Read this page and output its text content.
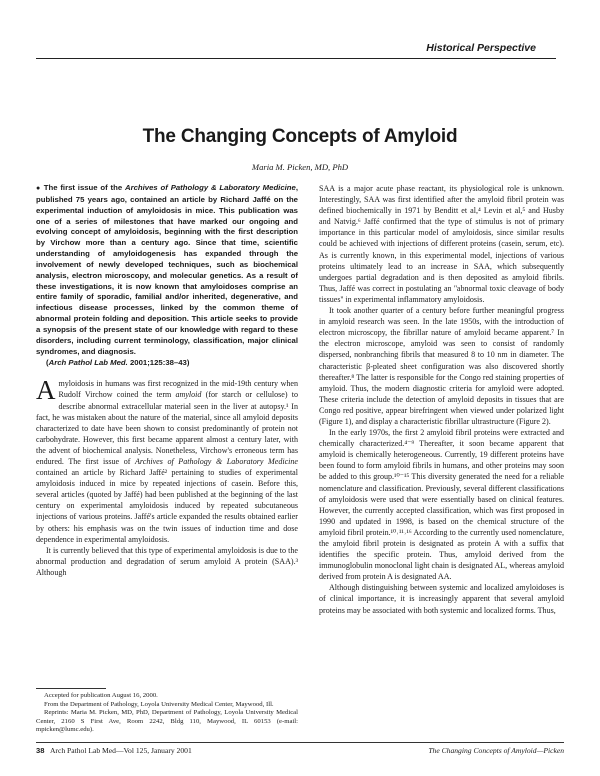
Historical Perspective
The Changing Concepts of Amyloid
Maria M. Picken, MD, PhD
● The first issue of the Archives of Pathology & Laboratory Medicine, published 75 years ago, contained an article by Richard Jaffé on the experimental induction of amyloidosis in mice. This publication was one of a series of milestones that have marked our ongoing and evolving concept of amyloidosis, beginning with the first description by Virchow more than a century ago. Since that time, scientific understanding of amyloidogenesis has expanded through the involvement of newly developed techniques, such as biochemical analysis, electron microscopy, and molecular genetics. As a result of these investigations, it is now known that amyloidoses comprise an entire family of sporadic, familial and/or inherited, degenerative, and infectious disease processes, linked by the common theme of abnormal protein folding and deposition. This article seeks to provide a synopsis of the present state of our knowledge with regard to these disorders, including current terminology, classification, major clinical syndromes, and diagnosis.
(Arch Pathol Lab Med. 2001;125:38–43)

Amyloidosis in humans was first recognized in the mid-19th century when Rudolf Virchow coined the term amyloid (for starch or cellulose) to describe abnormal extracellular material seen in the liver at autopsy.¹ In fact, he was mistaken about the nature of the material, since all amyloid deposits characterized to date have been shown to consist predominantly of protein not carbohydrate. However, this first became apparent almost a century later, with the advent of biochemical analysis. Nonetheless, Virchow's erroneous term has endured. The first issue of Archives of Pathology & Laboratory Medicine contained an article by Richard Jaffé² pertaining to studies of experimental amyloidosis induced in mice by repeated injections of casein. Before this, several articles (quoted by Jaffé) had been published at the beginning of the last century on experimental amyloidosis induced by repeated subcutaneous injections of various proteins. Jaffé's article expanded the results obtained earlier by others: his emphasis was on the twin issues of induction time and dose dependence in experimental amyloidosis.

It is currently believed that this type of experimental amyloidosis is due to the abnormal production and degradation of serum amyloid A protein (SAA).³ Although

Accepted for publication August 16, 2000.
From the Department of Pathology, Loyola University Medical Center, Maywood, Ill.
Reprints: Maria M. Picken, MD, PhD, Department of Pathology, Loyola University Medical Center, 2160 S First Ave, Room 2242, Bldg 110, Maywood, IL 60153 (e-mail: mpicken@lumc.edu).

SAA is a major acute phase reactant, its physiological role is unknown. Interestingly, SAA was first identified after the amyloid fibril protein was defined biochemically in 1971 by Benditt et al,⁴ Levin et al,⁵ and Husby and Natvig.⁶ Jaffé confirmed that the type of stimulus is not of primary importance in this particular model of amyloidosis, since similar results could be achieved with injections of different proteins (casein, serum, etc). As is currently known, in this experimental model, injections of various proteins ultimately lead to an increase in SAA, which subsequently undergoes partial degradation and is then deposited as amyloid fibrils. Thus, Jaffé was correct in postulating an ''abnormal toxic cleavage of body tissues'' in experimental inflammatory amyloidosis.

It took another quarter of a century before further meaningful progress in amyloid research was seen. In the late 1950s, with the introduction of electron microscopy, the fibrillar nature of amyloid became apparent.⁷ In the electron microscope, amyloid was seen to consist of randomly dispersed, nonbranching fibrils that measured 8 to 10 nm in diameter. The characteristic β-pleated sheet configuration was also discovered shortly thereafter.⁸ The latter is responsible for the Congo red staining properties of amyloid. Thus, the modern diagnostic criteria for amyloid were adopted. These criteria include the detection of amyloid deposits in tissues that are Congo red positive, appear birefringent when viewed under polarized light (Figure 1), and display a characteristic fibrillar ultrastructure (Figure 2).

In the early 1970s, the first 2 amyloid fibril proteins were extracted and chemically characterized.⁴⁻⁹ Thereafter, it soon became apparent that amyloid is chemically heterogeneous. Currently, 19 different proteins have been found to form amyloid fibrils in humans, and other proteins may soon be added to this group.¹⁰⁻¹⁵ This diversity generated the need for a reliable nomenclature and classification. Previously, several different classifications of amyloidosis were used that were essentially based on clinical features. However, the currently accepted classification, which was first proposed in 1990 and updated in 1998, is based on the chemical structure of the amyloid fibril protein.¹⁰˒¹¹˒¹⁶ According to the currently used nomenclature, the amyloid fibril protein is designated as protein A with a suffix that identifies the specific protein. Thus, amyloid derived from the immunoglobulin monoclonal light chain is designated AL, whereas amyloid derived from protein A is designated AA.

Although distinguishing between systemic and localized amyloidoses is of clinical importance, it is increasingly apparent that several amyloid proteins may be associated with both systemic and localized forms. Thus,

38 Arch Pathol Lab Med—Vol 125, January 2001	The Changing Concepts of Amyloid—Picken
